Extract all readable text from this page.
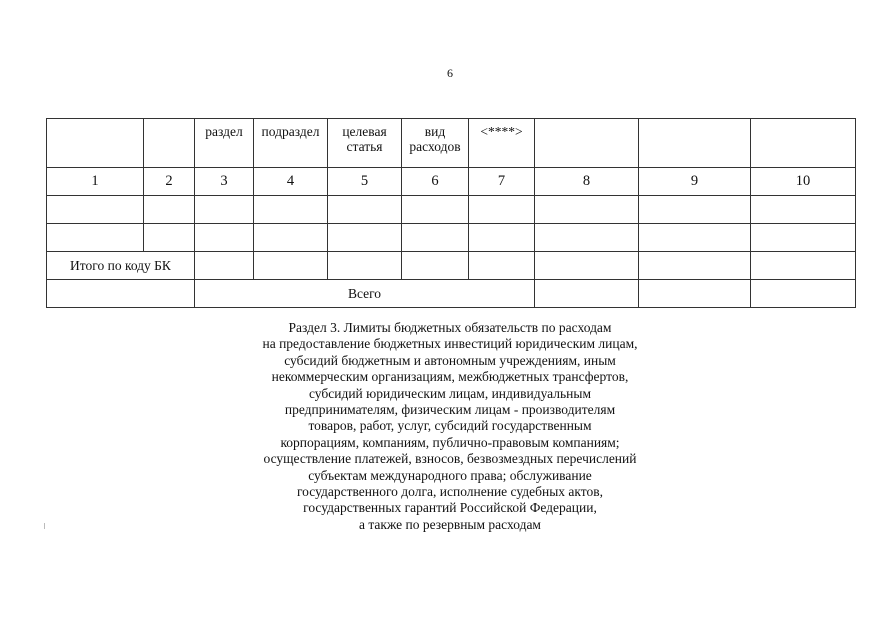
6
		раздел	подраздел	целевая статья	вид расходов	<****>			
1	2	3	4	5	6	7	8	9	10

Итого по коду БК									
		Всего							
Раздел 3. Лимиты бюджетных обязательств по расходам
на предоставление бюджетных инвестиций юридическим лицам,
субсидий бюджетным и автономным учреждениям, иным
некоммерческим организациям, межбюджетных трансфертов,
субсидий юридическим лицам, индивидуальным
предпринимателям, физическим лицам - производителям
товаров, работ, услуг, субсидий государственным
корпорациям, компаниям, публично-правовым компаниям;
осуществление платежей, взносов, безвозмездных перечислений
субъектам международного права; обслуживание
государственного долга, исполнение судебных актов,
государственных гарантий Российской Федерации,
а также по резервным расходам
